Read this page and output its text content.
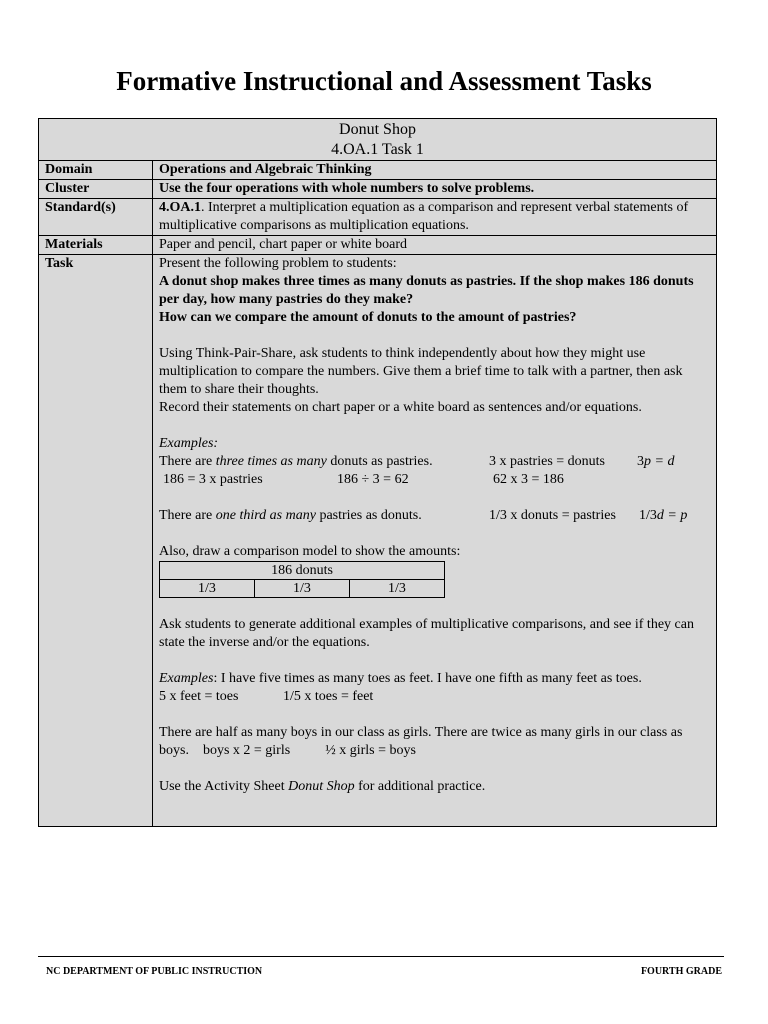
Formative Instructional and Assessment Tasks
Donut Shop
4.OA.1 Task 1
Domain	Operations and Algebraic Thinking
Cluster	Use the four operations with whole numbers to solve problems.
Standard(s)	4.OA.1. Interpret a multiplication equation as a comparison and represent verbal statements of multiplicative comparisons as multiplication equations.
Materials	Paper and pencil, chart paper or white board
Task	Present the following problem to students:

A donut shop makes three times as many donuts as pastries. If the shop makes 186 donuts per day, how many pastries do they make?

How can we compare the amount of donuts to the amount of pastries?

Using Think-Pair-Share, ask students to think independently about how they might use multiplication to compare the numbers. Give them a brief time to talk with a partner, then ask them to share their thoughts.

Record their statements on chart paper or a white board as sentences and/or equations.

Examples:

There are three times as many donuts as pastries.	3 x pastries = donuts	3p = d
186 = 3 x pastries	186 ÷ 3 = 62	62 x 3 = 186
There are one third as many pastries as donuts.	1/3 x donuts = pastries	1/3d = p

Also, draw a comparison model to show the amounts:

186 donuts
1/3	1/3	1/3

Ask students to generate additional examples of multiplicative comparisons, and see if they can state the inverse and/or the equations.

Examples: I have five times as many toes as feet. I have one fifth as many feet as toes.

5 x feet = toes	1/5 x toes = feet

There are half as many boys in our class as girls. There are twice as many girls in our class as boys. boys x 2 = girls	½ x girls = boys

Use the Activity Sheet Donut Shop for additional practice.

NC DEPARTMENT OF PUBLIC INSTRUCTION	FOURTH GRADE
